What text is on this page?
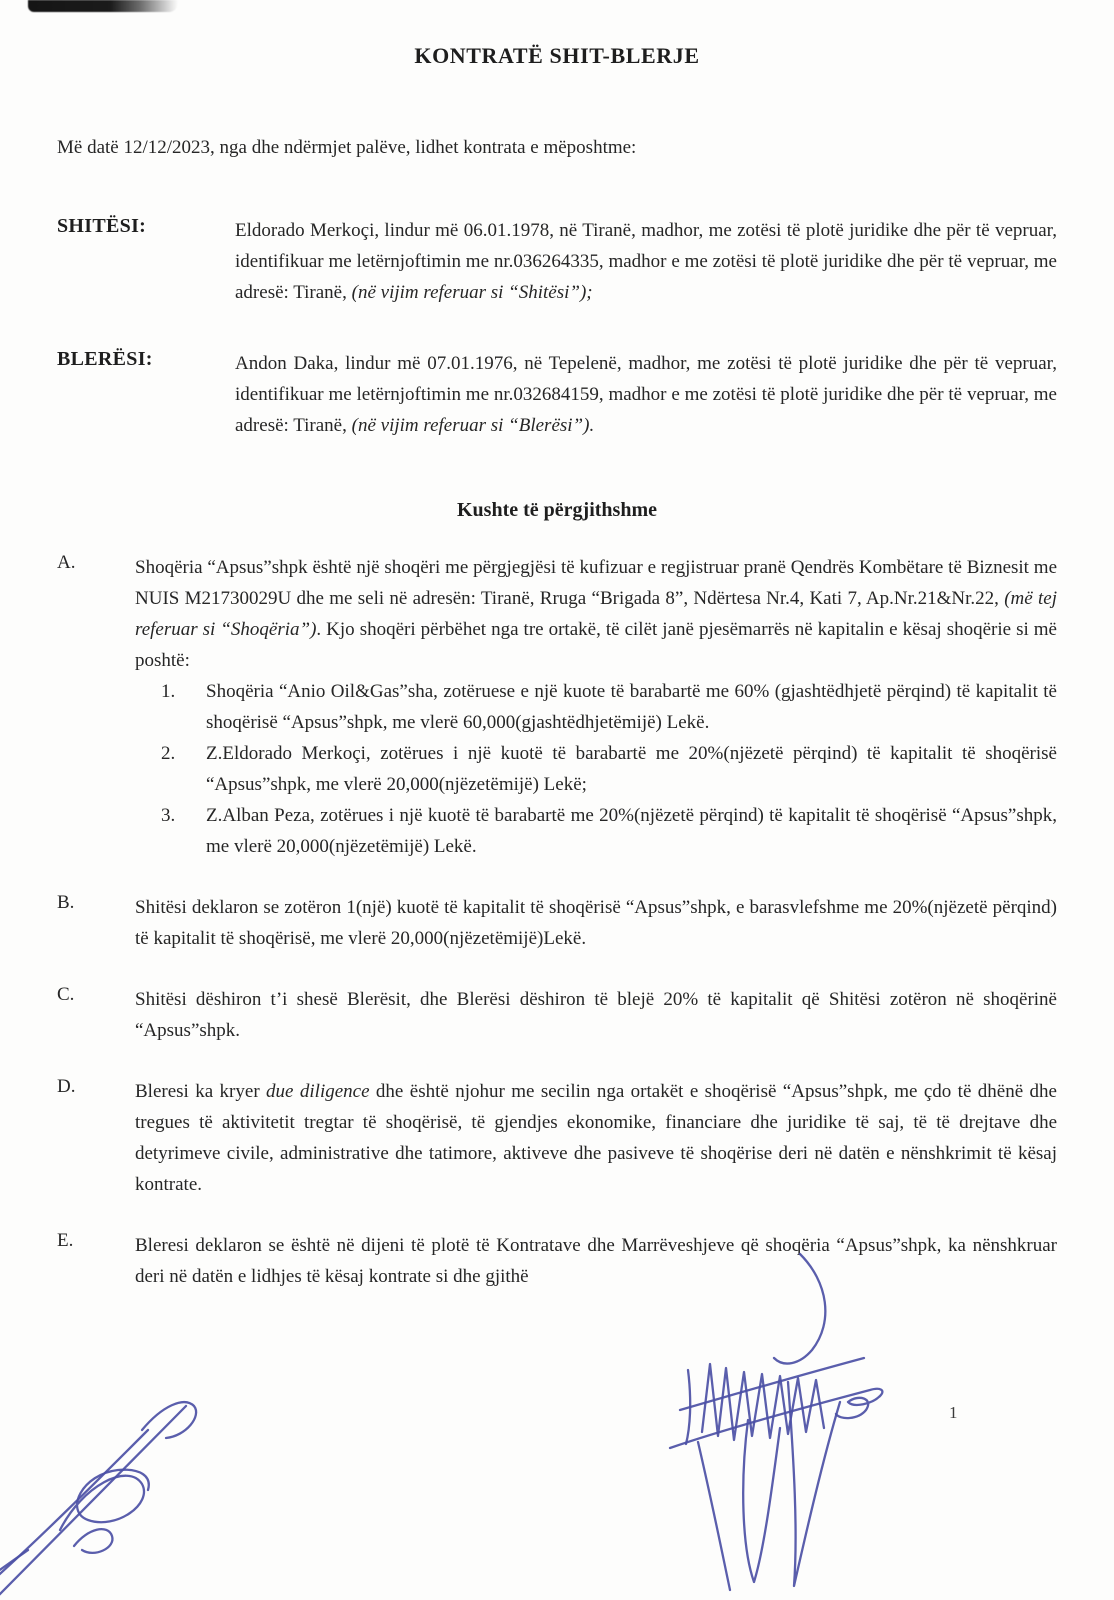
KONTRATË SHIT-BLERJE

Më datë 12/12/2023, nga dhe ndërmjet palëve, lidhet kontrata e mëposhtme:

SHITËSI:	Eldorado Merkoçi, lindur më 06.01.1978, në Tiranë, madhor, me zotësi të plotë juridike dhe për të vepruar, identifikuar me letërnjoftimin me nr.036264335, madhor e me zotësi të plotë juridike dhe për të vepruar, me adresë: Tiranë, (në vijim referuar si “Shitësi”);
BLERËSI:	Andon Daka, lindur më 07.01.1976, në Tepelenë, madhor, me zotësi të plotë juridike dhe për të vepruar, identifikuar me letërnjoftimin me nr.032684159, madhor e me zotësi të plotë juridike dhe për të vepruar, me adresë: Tiranë, (në vijim referuar si “Blerësi”).
Kushte të përgjithshme
A.	Shoqëria “Apsus”shpk është një shoqëri me përgjegjësi të kufizuar e regjistruar pranë Qendrës Kombëtare të Biznesit me NUIS M21730029U dhe me seli në adresën: Tiranë, Rruga “Brigada 8”, Ndërtesa Nr.4, Kati 7, Ap.Nr.21&Nr.22, (më tej referuar si “Shoqëria”). Kjo shoqëri përbëhet nga tre ortakë, të cilët janë pjesëmarrës në kapitalin e kësaj shoqërie si më poshtë:
1.	Shoqëria “Anio Oil&Gas”sha, zotëruese e një kuote të barabartë me 60% (gjashtëdhjetë përqind) të kapitalit të shoqërisë “Apsus”shpk, me vlerë 60,000(gjashtëdhjetëmijë) Lekë.
2.	Z.Eldorado Merkoçi, zotërues i një kuotë të barabartë me 20%(njëzetë përqind) të kapitalit të shoqërisë “Apsus”shpk, me vlerë 20,000(njëzetëmijë) Lekë;
3.	Z.Alban Peza, zotërues i një kuotë të barabartë me 20%(njëzetë përqind) të kapitalit të shoqërisë “Apsus”shpk, me vlerë 20,000(njëzetëmijë) Lekë.
B.	Shitësi deklaron se zotëron 1(një) kuotë të kapitalit të shoqërisë “Apsus”shpk, e barasvlefshme me 20%(njëzetë përqind) të kapitalit të shoqërisë, me vlerë 20,000(njëzetëmijë)Lekë.
C.	Shitësi dëshiron t’i shesë Blerësit, dhe Blerësi dëshiron të blejë 20% të kapitalit që Shitësi zotëron në shoqërinë “Apsus”shpk.
D.	Bleresi ka kryer due diligence dhe është njohur me secilin nga ortakët e shoqërisë “Apsus”shpk, me çdo të dhënë dhe tregues të aktivitetit tregtar të shoqërisë, të gjendjes ekonomike, financiare dhe juridike të saj, të të drejtave dhe detyrimeve civile, administrative dhe tatimore, aktiveve dhe pasiveve të shoqërise deri në datën e nënshkrimit të kësaj kontrate.
E.	Bleresi deklaron se është në dijeni të plotë të Kontratave dhe Marrëveshjeve që shoqëria “Apsus”shpk, ka nënshkruar deri në datën e lidhjes të kësaj kontrate si dhe gjithë
1
